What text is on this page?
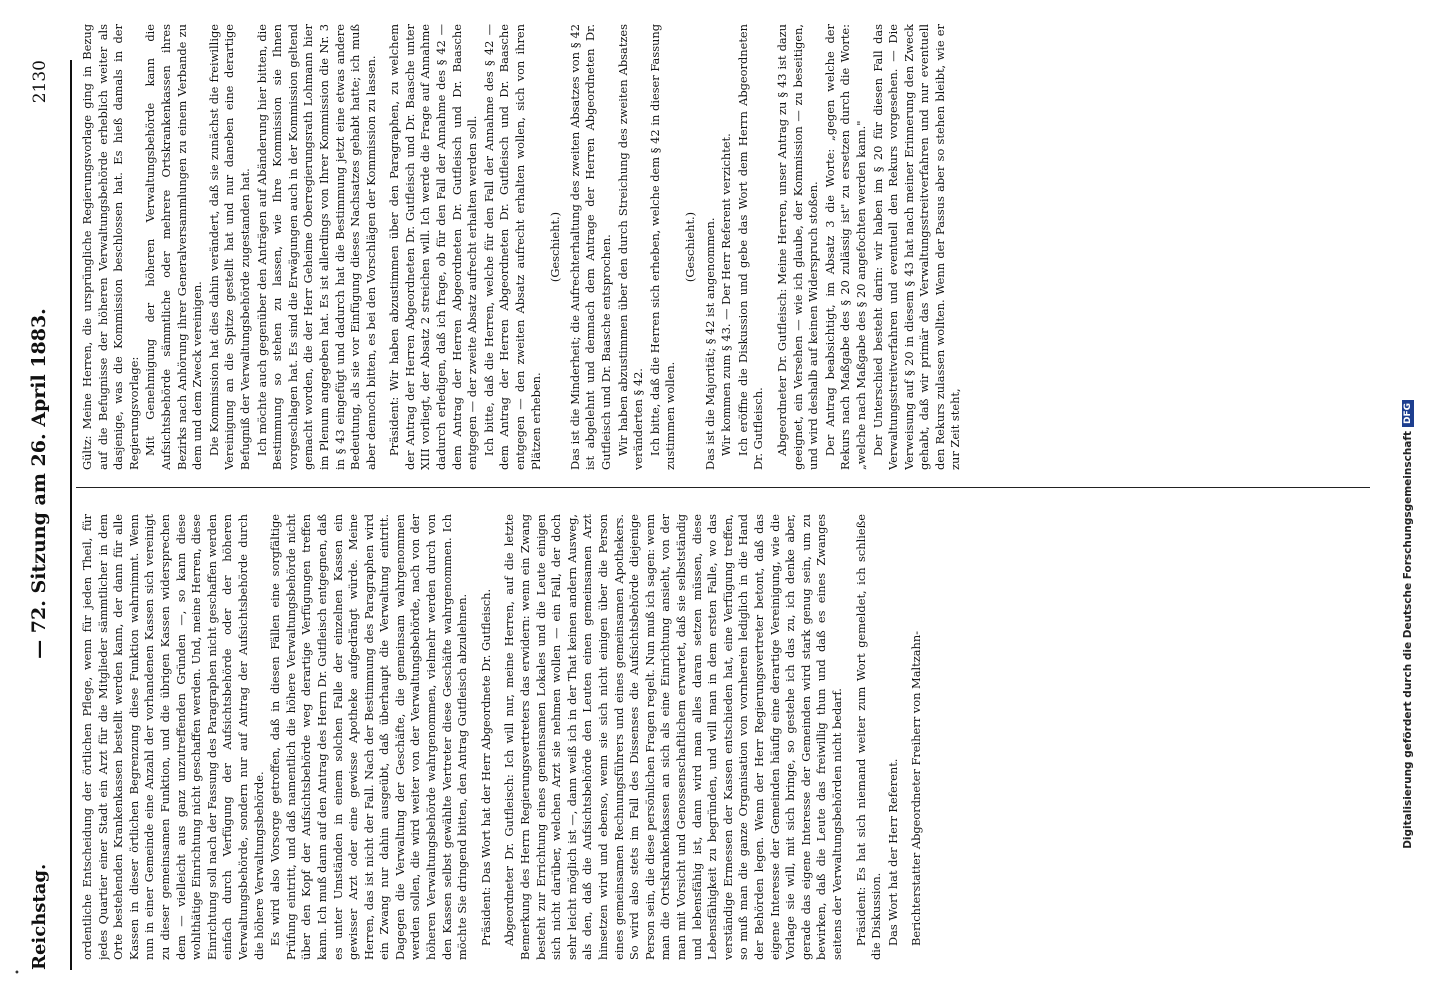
Reichstag.
— 72. Sitzung am 26. April 1883.
2130

ordentliche Entscheidung der örtlichen Pflege, wenn für jeden Theil, für jedes Quartier einer Stadt ein Arzt für die Mitglieder sämmtlicher in dem Orte bestehenden Krankenkassen bestellt werden kann, der dann für alle Kassen in dieser örtlichen Begrenzung diese Funktion wahrnimmt. Wenn nun in einer Gemeinde eine Anzahl der vorhandenen Kassen sich vereinigt zu dieser gemeinsamen Funktion, und die übrigen Kassen widersprechen dem — vielleicht aus ganz unzutreffenden Gründen —, so kann diese wohlthätige Einrichtung nicht geschaffen werden. Und, meine Herren, diese Einrichtung soll nach der Fassung des Paragraphen nicht geschaffen werden einfach durch Verfügung der Aufsichtsbehörde oder der höheren Verwaltungsbehörde, sondern nur auf Antrag der Aufsichtsbehörde durch die höhere Verwaltungsbehörde. Es wird also Vorsorge getroffen, daß in diesen Fällen eine sorgfältige Prüfung eintritt, und daß namentlich die höhere Verwaltungsbehörde nicht über den Kopf der Aufsichtsbehörde weg derartige Verfügungen treffen kann. Ich muß dann auf den Antrag des Herrn Dr. Gutfleisch entgegnen, daß es unter Umständen in einem solchen Falle der einzelnen Kassen ein gewisser Arzt oder eine gewisse Apotheke aufgedrängt würde. Meine Herren, das ist nicht der Fall. Nach der Bestimmung des Paragraphen wird ein Zwang nur dahin ausgeübt, daß überhaupt die Verwaltung eintritt. Dagegen die Verwaltung der Geschäfte, die gemeinsam wahrgenommen werden sollen, die wird weiter von der Verwaltungsbehörde, nach von der höheren Verwaltungsbehörde wahrgenommen, vielmehr werden durch von den Kassen selbst gewählte Vertreter diese Geschäfte wahrgenommen. Ich möchte Sie dringend bitten, den Antrag Gutfleisch abzulehnen. Präsident: Das Wort hat der Herr Abgeordnete Dr. Gutfleisch. Abgeordneter Dr. Gutfleisch: Ich will nur, meine Herren, auf die letzte Bemerkung des Herrn Regierungsvertreters das erwidern: wenn ein Zwang besteht zur Errichtung eines gemeinsamen Lokales und die Leute einigen sich nicht darüber, welchen Arzt sie nehmen wollen — ein Fall, der doch sehr leicht möglich ist —, dann weiß ich in der That keinen andern Ausweg, als den, daß die Aufsichtsbehörde den Leuten einen gemeinsamen Arzt hinsetzen wird und ebenso, wenn sie sich nicht einigen über die Person eines gemeinsamen Rechnungsführers und eines gemeinsamen Apothekers. So wird also stets im Fall des Dissenses die Aufsichtsbehörde diejenige Person sein, die diese persönlichen Fragen regelt. Nun muß ich sagen: wenn man die Ortskrankenkassen an sich als eine Einrichtung ansieht, von der man mit Vorsicht und Genossenschaftlichem erwartet, daß sie selbstständig und lebensfähig ist, dann wird man alles daran setzen müssen, diese Lebensfähigkeit zu begründen, und will man in dem ersten Falle, wo das verständige Ermessen der Kassen entschieden hat, eine Verfügung treffen, so muß man die ganze Organisation von vornherein lediglich in die Hand der Behörden legen. Wenn der Herr Regierungsvertreter betont, daß das eigene Interesse der Gemeinden häufig eine derartige Vereinigung, wie die Vorlage sie will, mit sich bringe, so gestehe ich das zu, ich denke aber, gerade das eigene Interesse der Gemeinden wird stark genug sein, um zu bewirken, daß die Leute das freiwillig thun und daß es eines Zwanges seitens der Verwaltungsbehörden nicht bedarf. Präsident: Es hat sich niemand weiter zum Wort gemeldet, ich schließe die Diskussion. Das Wort hat der Herr Referent. Berichterstatter Abgeordneter Freiherr von Maltzahn-

Gültz: Meine Herren, die ursprüngliche Regierungsvorlage ging in Bezug auf die Befugnisse der höheren Verwaltungsbehörde erheblich weiter als dasjenige, was die Kommission beschlossen hat. Es hieß damals in der Regierungsvorlage: Mit Genehmigung der höheren Verwaltungsbehörde kann die Aufsichtsbehörde sämmtliche oder mehrere Ortskrankenkassen ihres Bezirks nach Anhörung ihrer Generalversammlungen zu einem Verbande zu dem und dem Zweck vereinigen. Die Kommission hat dies dahin verändert, daß sie zunächst die freiwillige Vereinigung an die Spitze gestellt hat und nur daneben eine derartige Befugniß der Verwaltungsbehörde zugestanden hat. Ich möchte auch gegenüber den Anträgen auf Abänderung hier bitten, die Bestimmung so stehen zu lassen, wie Ihre Kommission sie Ihnen vorgeschlagen hat. Es sind die Erwägungen auch in der Kommission geltend gemacht worden, die der Herr Geheime Oberregierungsrath Lohmann hier im Plenum angegeben hat. Es ist allerdings von Ihrer Kommission die Nr. 3 in § 43 eingefügt und dadurch hat die Bestimmung jetzt eine etwas andere Bedeutung, als sie vor Einfügung dieses Nachsatzes gehabt hatte; ich muß aber dennoch bitten, es bei den Vorschlägen der Kommission zu lassen. Präsident: Wir haben abzustimmen über den Paragraphen, zu welchem der Antrag der Herren Abgeordneten Dr. Gutfleisch und Dr. Baasche unter XIII vorliegt, der Absatz 2 streichen will. Ich werde die Frage auf Annahme dadurch erledigen, daß ich frage, ob für den Fall der Annahme des § 42 — dem Antrag der Herren Abgeordneten Dr. Gutfleisch und Dr. Baasche entgegen — der zweite Absatz aufrecht erhalten werden soll. Ich bitte, daß die Herren, welche für den Fall der Annahme des § 42 — dem Antrag der Herren Abgeordneten Dr. Gutfleisch und Dr. Baasche entgegen — den zweiten Absatz aufrecht erhalten wollen, sich von ihren Plätzen erheben.

(Geschieht.) Das ist die Minderheit; die Aufrechterhaltung des zweiten Absatzes von § 42 ist abgelehnt und demnach dem Antrage der Herren Abgeordneten Dr. Gutfleisch und Dr. Baasche entsprochen. Wir haben abzustimmen über den durch Streichung des zweiten Absatzes veränderten § 42. Ich bitte, daß die Herren sich erheben, welche dem § 42 in dieser Fassung zustimmen wollen.

(Geschieht.) Das ist die Majorität; § 42 ist angenommen. Wir kommen zum § 43. — Der Herr Referent verzichtet. Ich eröffne die Diskussion und gebe das Wort dem Herrn Abgeordneten Dr. Gutfleisch. Abgeordneter Dr. Gutfleisch: Meine Herren, unser Antrag zu § 43 ist dazu geeignet, ein Versehen — wie ich glaube, der Kommission — zu beseitigen, und wird deshalb auf keinen Widerspruch stoßen. Der Antrag beabsichtigt, im Absatz 3 die Worte: „gegen welche der Rekurs nach Maßgabe des § 20 zulässig ist" zu ersetzen durch die Worte: „welche nach Maßgabe des § 20 angefochten werden kann." Der Unterschied besteht darin: wir haben im § 20 für diesen Fall das Verwaltungsstreitverfahren und eventuell den Rekurs vorgesehen. — Die Verweisung auf § 20 in diesem § 43 hat nach meiner Erinnerung den Zweck gehabt, daß wir primär das Verwaltungsstreitverfahren und nur eventuell den Rekurs zulassen wollten. Wenn der Passus aber so stehen bleibt, wie er zur Zeit steht,

•
Digitalisierung gefördert durch die Deutsche Forschungsgemeinschaft
DFG
